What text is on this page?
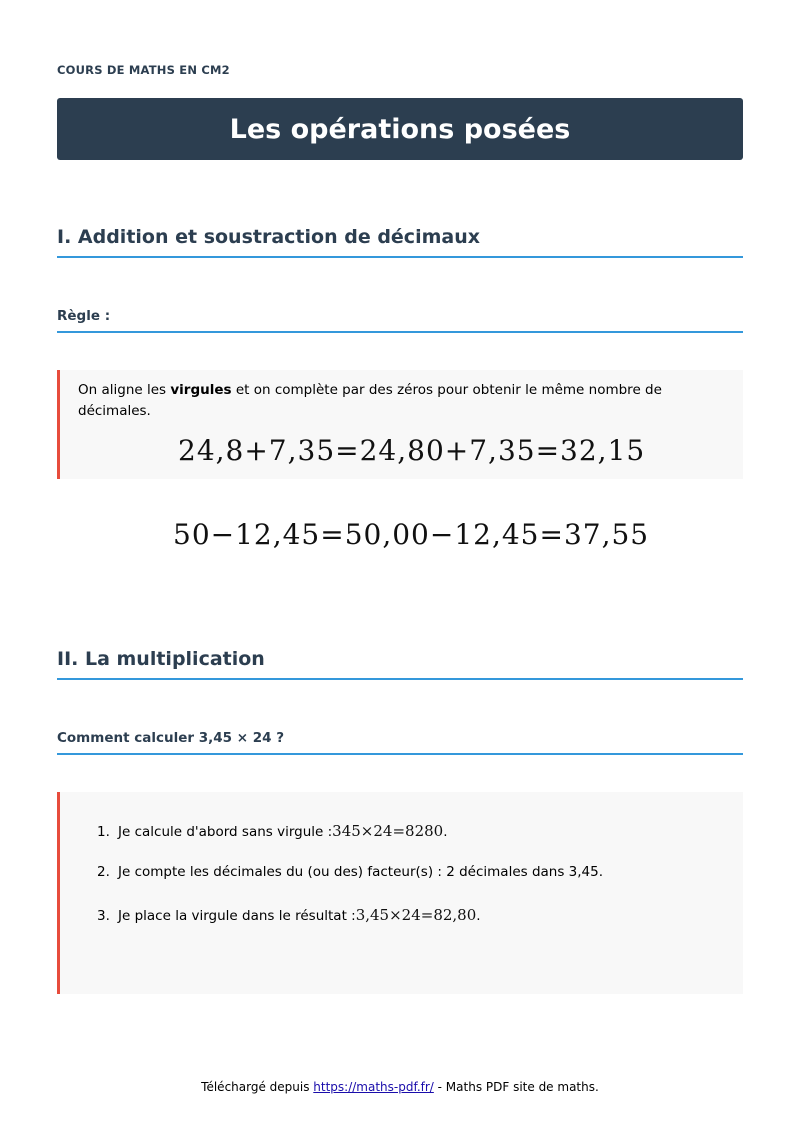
COURS DE MATHS EN CM2
Les opérations posées
I. Addition et soustraction de décimaux
Règle :
On aligne les virgules et on complète par des zéros pour obtenir le même nombre de décimales.
24,8+7,35=24,80+7,35=32,15
50−12,45=50,00−12,45=37,55
II. La multiplication
Comment calculer 3,45 × 24 ?
1. Je calcule d'abord sans virgule : 345×24=8280 .
2. Je compte les décimales du (ou des) facteur(s) : 2 décimales dans 3,45.
3. Je place la virgule dans le résultat : 3,45×24=82,80 .
Téléchargé depuis https://maths-pdf.fr/ - Maths PDF site de maths.
